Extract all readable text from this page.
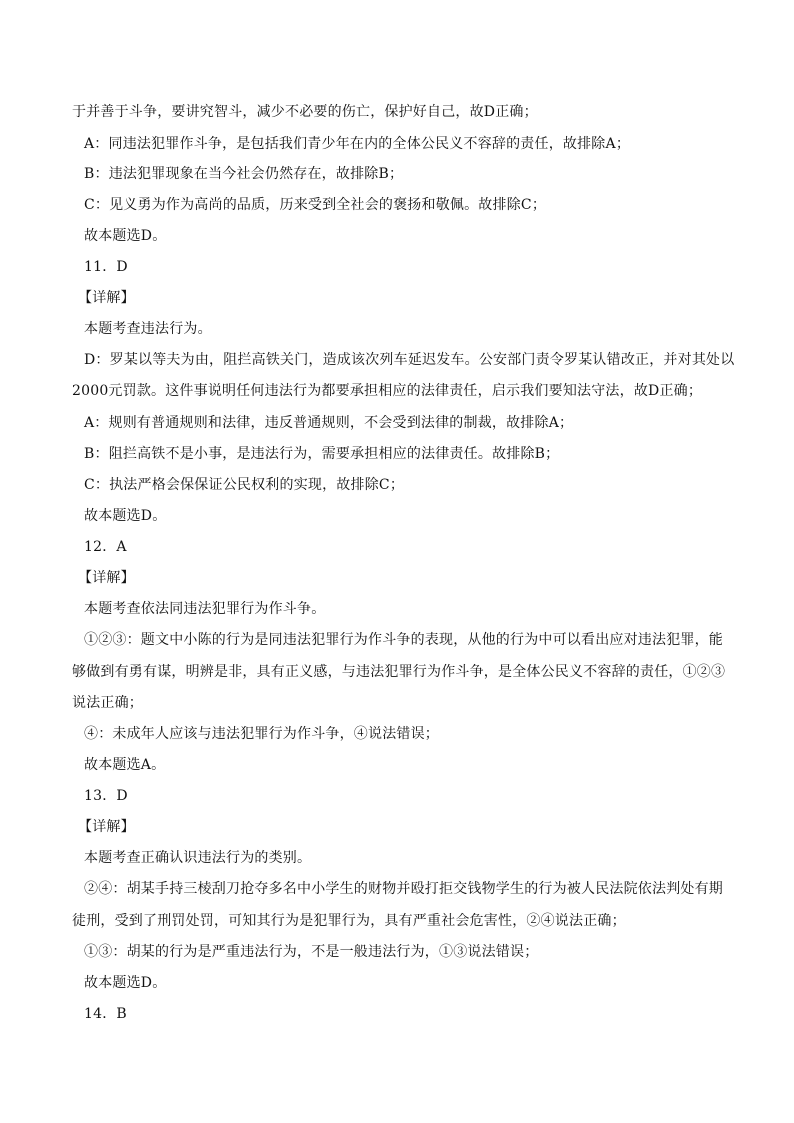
于并善于斗争，要讲究智斗，减少不必要的伤亡，保护好自己，故D正确；
A：同违法犯罪作斗争，是包括我们青少年在内的全体公民义不容辞的责任，故排除A；
B：违法犯罪现象在当今社会仍然存在，故排除B；
C：见义勇为作为高尚的品质，历来受到全社会的褒扬和敬佩。故排除C；
故本题选D。
11．D
【详解】
本题考查违法行为。
D：罗某以等夫为由，阻拦高铁关门，造成该次列车延迟发车。公安部门责令罗某认错改正，并对其处以
2000元罚款。这件事说明任何违法行为都要承担相应的法律责任，启示我们要知法守法，故D正确；
A：规则有普通规则和法律，违反普通规则，不会受到法律的制裁，故排除A；
B：阻拦高铁不是小事，是违法行为，需要承担相应的法律责任。故排除B；
C：执法严格会保保证公民权利的实现，故排除C；
故本题选D。
12．A
【详解】
本题考查依法同违法犯罪行为作斗争。
①②③：题文中小陈的行为是同违法犯罪行为作斗争的表现，从他的行为中可以看出应对违法犯罪，能
够做到有勇有谋，明辨是非，具有正义感，与违法犯罪行为作斗争，是全体公民义不容辞的责任，①②③
说法正确；
④：未成年人应该与违法犯罪行为作斗争，④说法错误；
故本题选A。
13．D
【详解】
本题考查正确认识违法行为的类别。
②④：胡某手持三棱刮刀抢夺多名中小学生的财物并殴打拒交钱物学生的行为被人民法院依法判处有期
徒刑，受到了刑罚处罚，可知其行为是犯罪行为，具有严重社会危害性，②④说法正确；
①③：胡某的行为是严重违法行为，不是一般违法行为，①③说法错误；
故本题选D。
14．B
